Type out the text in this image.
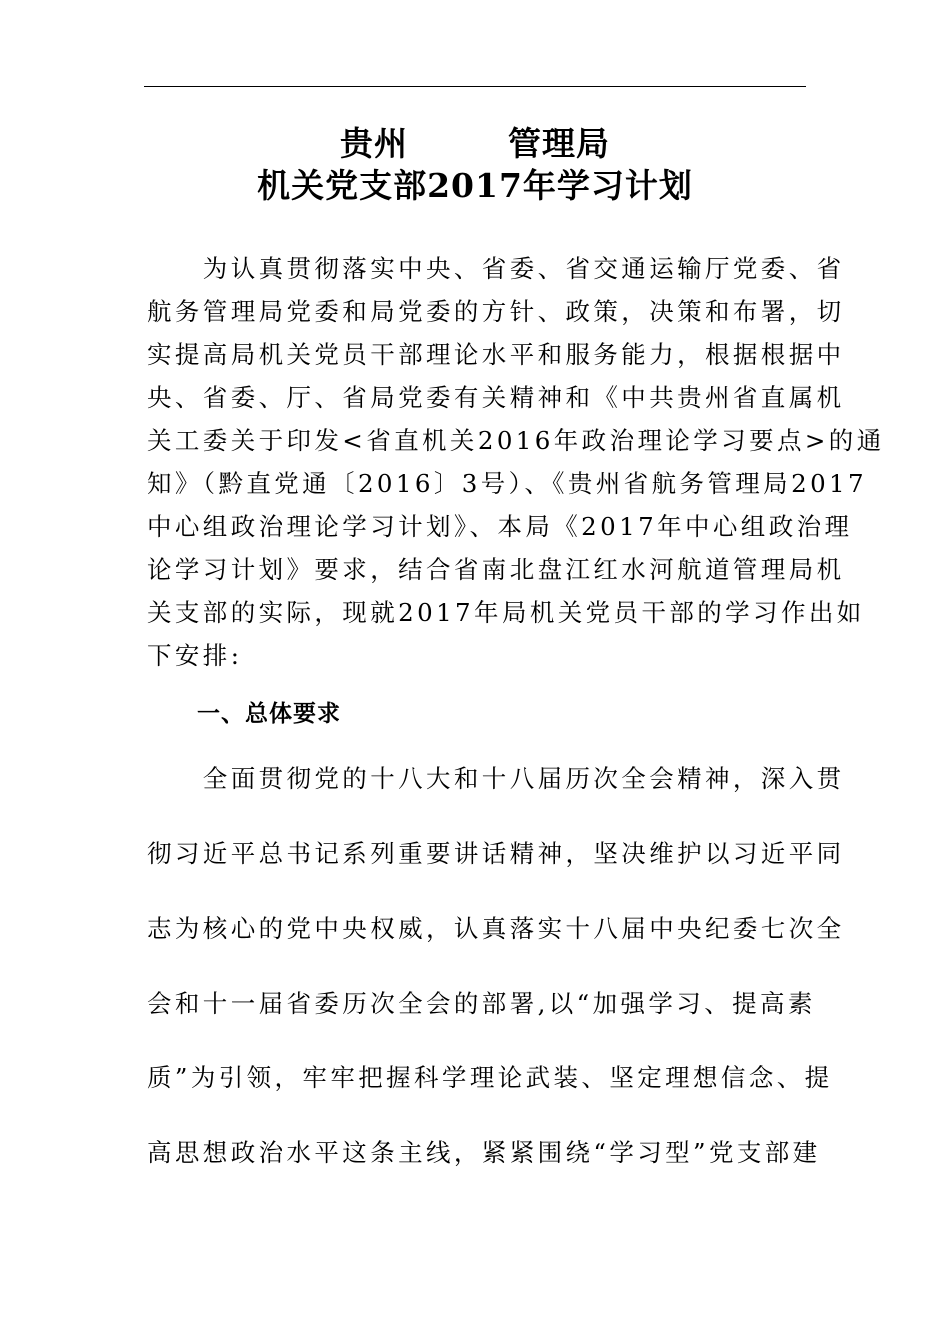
贵州        管理局
机关党支部2017年学习计划
　　为认真贯彻落实中央、省委、省交通运输厅党委、省
航务管理局党委和局党委的方针、政策，决策和布署，切
实提高局机关党员干部理论水平和服务能力，根据根据中
央、省委、厅、省局党委有关精神和《中共贵州省直属机
关工委关于印发<省直机关2016年政治理论学习要点>的通
知》（黔直党通〔2016〕3号）、《贵州省航务管理局2017
中心组政治理论学习计划》、本局《2017年中心组政治理
论学习计划》要求，结合省南北盘江红水河航道管理局机
关支部的实际，现就2017年局机关党员干部的学习作出如
下安排:
一、总体要求
　　全面贯彻党的十八大和十八届历次全会精神，深入贯
彻习近平总书记系列重要讲话精神，坚决维护以习近平同
志为核心的党中央权威，认真落实十八届中央纪委七次全
会和十一届省委历次全会的部署,以“加强学习、提高素
质”为引领，牢牢把握科学理论武装、坚定理想信念、提
高思想政治水平这条主线，紧紧围绕“学习型”党支部建
